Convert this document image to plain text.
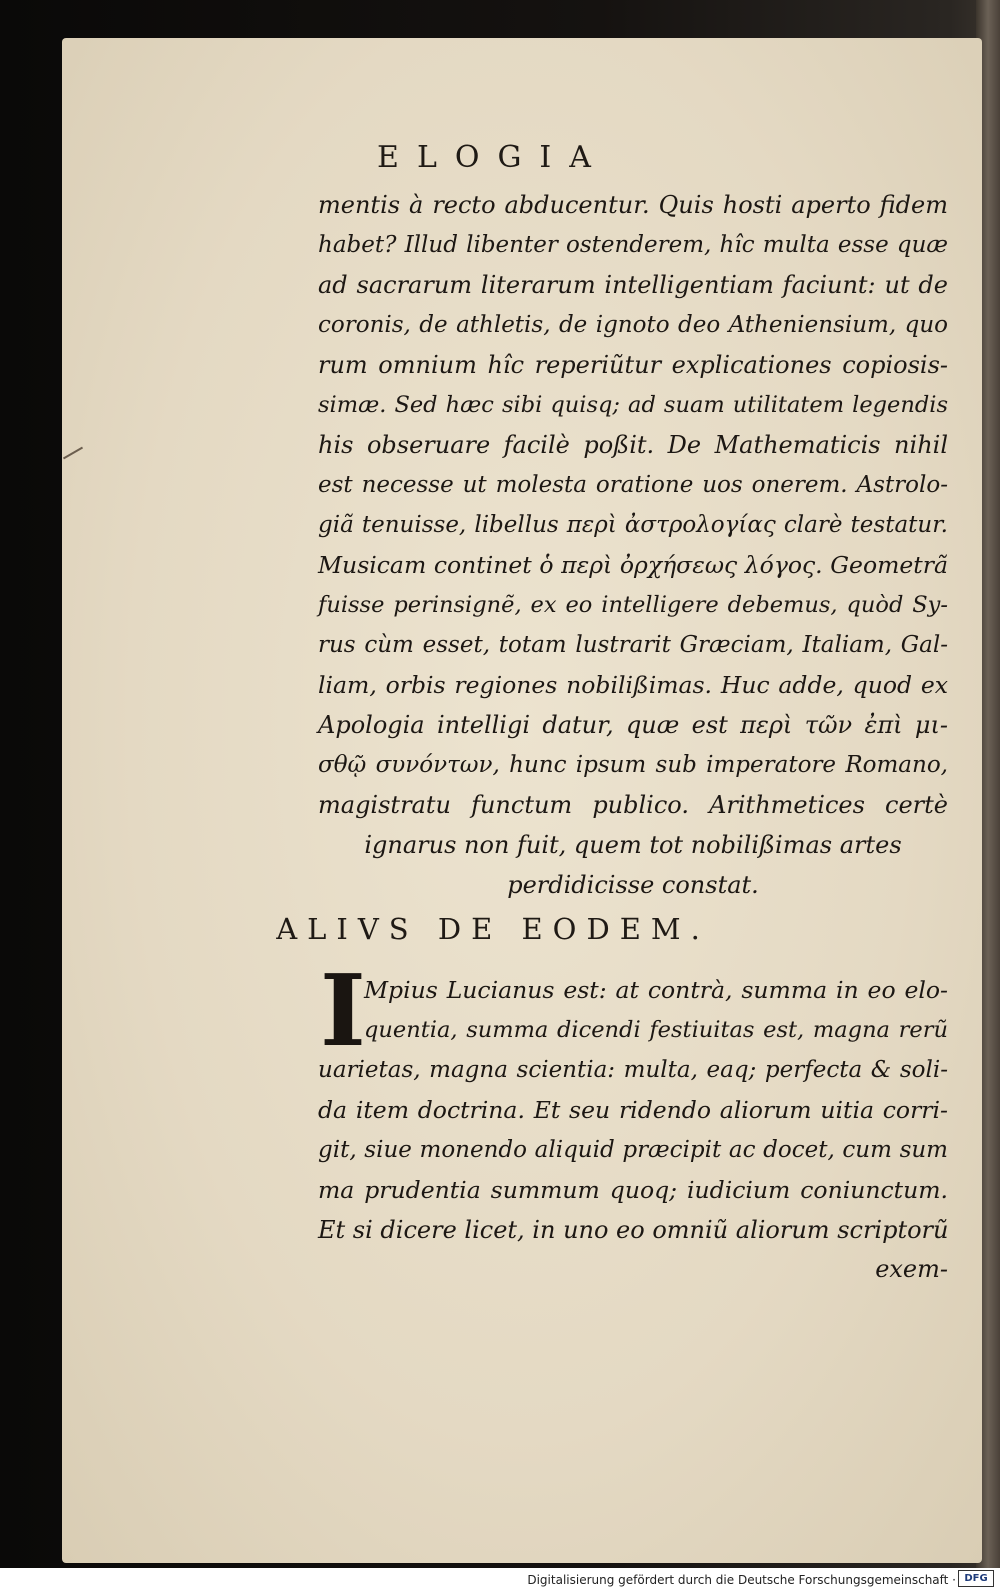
ELOGIA
mentis à recto abducentur. Quis hosti aperto fidem
habet? Illud libenter ostenderem, hîc multa esse quæ
ad sacrarum literarum intelligentiam faciunt: ut de
coronis, de athletis, de ignoto deo Atheniensium, quo
rum omnium hîc reperiũtur explicationes copiosis-
simæ. Sed hæc sibi quisq; ad suam utilitatem legendis
his obseruare facilè poßit. De Mathematicis nihil
est necesse ut molesta oratione uos onerem. Astrolo-
giã tenuisse, libellus περὶ ἀστρολογίας clarè testatur.
Musicam continet ὁ περὶ ὀρχήσεως λόγος. Geometrã
fuisse perinsignẽ, ex eo intelligere debemus, quòd Sy-
rus cùm esset, totam lustrarit Græciam, Italiam, Gal-
liam, orbis regiones nobilißimas. Huc adde, quod ex
Apologia intelligi datur, quæ est περὶ τῶν ἐπὶ μι-
σθῷ συνόντων, hunc ipsum sub imperatore Romano,
magistratu functum publico. Arithmetices certè
ignarus non fuit, quem tot nobilißimas artes
perdidicisse constat.
ALIVS DE EODEM.
I
Mpius Lucianus est: at contrà, summa in eo elo-
quentia, summa dicendi festiuitas est, magna rerũ
uarietas, magna scientia: multa, eaq; perfecta & soli-
da item doctrina. Et seu ridendo aliorum uitia corri-
git, siue monendo aliquid præcipit ac docet, cum sum
ma prudentia summum quoq; iudicium coniunctum.
Et si dicere licet, in uno eo omniũ aliorum scriptorũ
exem-
Digitalisierung gefördert durch die Deutsche Forschungsgemeinschaft · DFG
